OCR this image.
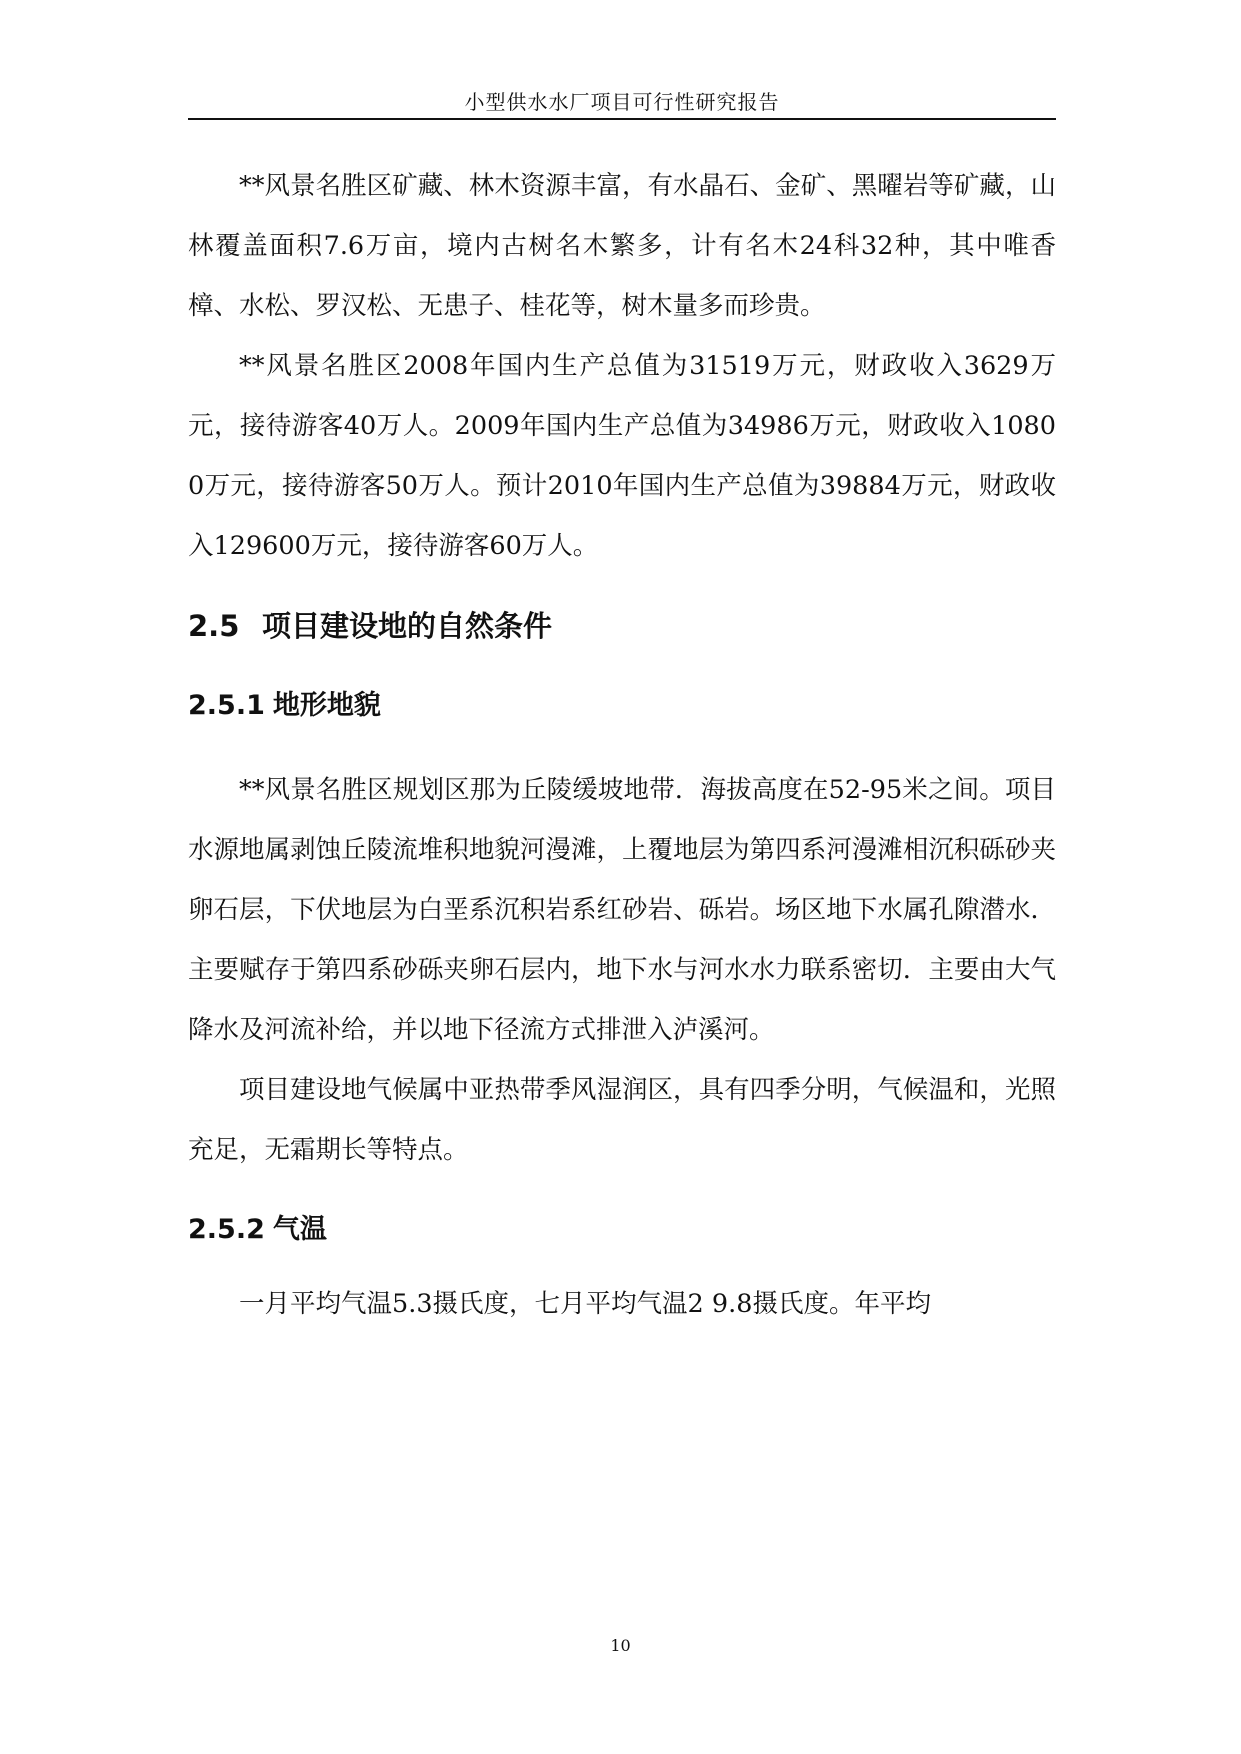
小型供水水厂项目可行性研究报告

**风景名胜区矿藏、林木资源丰富，有水晶石、金矿、黑曜岩等矿藏，山林覆盖面积7.6万亩，境内古树名木繁多，计有名木24科32种，其中唯香樟、水松、罗汉松、无患子、桂花等，树木量多而珍贵。

**风景名胜区2008年国内生产总值为31519万元，财政收入3629万元，接待游客40万人。2009年国内生产总值为34986万元，财政收入10800万元，接待游客50万人。预计2010年国内生产总值为39884万元，财政收入129600万元，接待游客60万人。

2.5 项目建设地的自然条件
2.5.1 地形地貌

**风景名胜区规划区那为丘陵缓坡地带．海拔高度在52-95米之间。项目水源地属剥蚀丘陵流堆积地貌河漫滩，上覆地层为第四系河漫滩相沉积砾砂夹卵石层，下伏地层为白垩系沉积岩系红砂岩、砾岩。场区地下水属孔隙潜水．主要赋存于第四系砂砾夹卵石层内，地下水与河水水力联系密切．主要由大气降水及河流补给，并以地下径流方式排泄入泸溪河。

项目建设地气候属中亚热带季风湿润区，具有四季分明，气候温和，光照充足，无霜期长等特点。

2.5.2 气温

一月平均气温5.3摄氏度，七月平均气温2 9.8摄氏度。年平均

10
